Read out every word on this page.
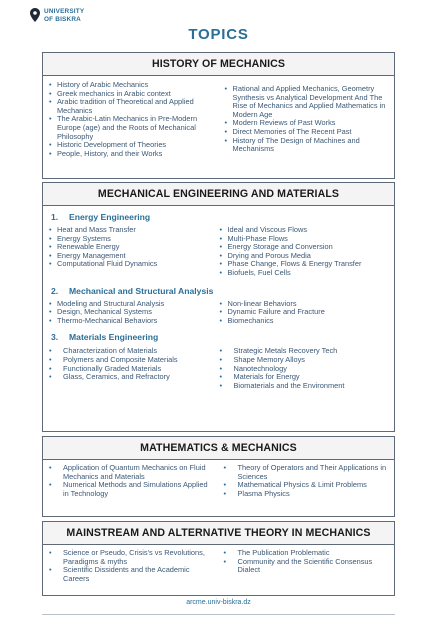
UNIVERSITY
OF BISKRA
TOPICS
HISTORY OF MECHANICS
• History of Arabic Mechanics
• Greek mechanics in Arabic context
• Arabic tradition of Theoretical and Applied Mechanics
• The Arabic-Latin Mechanics in Pre-Modern Europe (age) and the Roots of Mechanical Philosophy
• Historic Development of Theories
• People, History, and their Works
• Rational and Applied Mechanics, Geometry Synthesis vs Analytical Development And The Rise of Mechanics and Applied Mathematics in Modern Age
• Modern Reviews of Past Works
• Direct Memories of The Recent Past
• History of The Design of Machines and Mechanisms
MECHANICAL ENGINEERING AND MATERIALS
1.	Energy Engineering
• Heat and Mass Transfer
• Energy Systems
• Renewable Energy
• Energy Management
• Computational Fluid Dynamics
• Ideal and Viscous Flows
• Multi-Phase Flows
• Energy Storage and Conversion
• Drying and Porous Media
• Phase Change, Flows & Energy Transfer
• Biofuels, Fuel Cells
2.	Mechanical and Structural Analysis
• Modeling and Structural Analysis
• Design, Mechanical Systems
• Thermo-Mechanical Behaviors
• Non-linear Behaviors
• Dynamic Failure and Fracture
• Biomechanics
3.	Materials Engineering
• Characterization of Materials
• Polymers and Composite Materials
• Functionally Graded Materials
• Glass, Ceramics, and Refractory
• Strategic Metals Recovery Tech
• Shape Memory Alloys
• Nanotechnology
• Materials for Energy
• Biomaterials and the Environment
MATHEMATICS & MECHANICS
• Application of Quantum Mechanics on Fluid Mechanics and Materials
• Numerical Methods and Simulations Applied in Technology
• Theory of Operators and Their Applications in Sciences
• Mathematical Physics & Limit Problems
• Plasma Physics
MAINSTREAM AND ALTERNATIVE THEORY IN MECHANICS
• Science or Pseudo, Crisis's vs Revolutions, Paradigms & myths
• Scientific Dissidents and the Academic Careers
• The Publication Problematic
• Community and the Scientific Consensus Dialect
arcme.univ-biskra.dz
